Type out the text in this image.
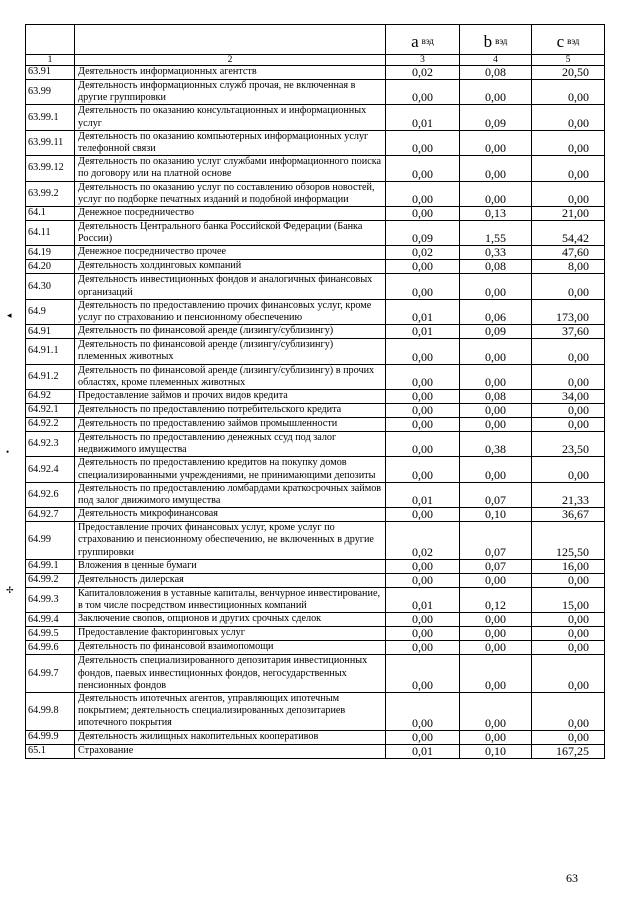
		a $_{вэд}$	b $_{вэд}$	c $_{вэд}$
1	2	3	4	5
63.91	Деятельность информационных агентств	0,02	0,08	20,50
63.99	Деятельность информационных служб прочая, не включенная в другие группировки	0,00	0,00	0,00
63.99.1	Деятельность по оказанию консультационных и информационных услуг	0,01	0,09	0,00
63.99.11	Деятельность по оказанию компьютерных информационных услуг телефонной связи	0,00	0,00	0,00
63.99.12	Деятельность по оказанию услуг службами информационного поиска по договору или на платной основе	0,00	0,00	0,00
63.99.2	Деятельность по оказанию услуг по составлению обзоров новостей, услуг по подборке печатных изданий и подобной информации	0,00	0,00	0,00
64.1	Денежное посредничество	0,00	0,13	21,00
64.11	Деятельность Центрального банка Российской Федерации (Банка России)	0,09	1,55	54,42
64.19	Денежное посредничество прочее	0,02	0,33	47,60
64.20	Деятельность холдинговых компаний	0,00	0,08	8,00
64.30	Деятельность инвестиционных фондов и аналогичных финансовых организаций	0,00	0,00	0,00
64.9	Деятельность по предоставлению прочих финансовых услуг, кроме услуг по страхованию и пенсионному обеспечению	0,01	0,06	173,00
64.91	Деятельность по финансовой аренде (лизингу/сублизингу)	0,01	0,09	37,60
64.91.1	Деятельность по финансовой аренде (лизингу/сублизингу) племенных животных	0,00	0,00	0,00
64.91.2	Деятельность по финансовой аренде (лизингу/сублизингу) в прочих областях, кроме племенных животных	0,00	0,00	0,00
64.92	Предоставление займов и прочих видов кредита	0,00	0,08	34,00
64.92.1	Деятельность по предоставлению потребительского кредита	0,00	0,00	0,00
64.92.2	Деятельность по предоставлению займов промышленности	0,00	0,00	0,00
64.92.3	Деятельность по предоставлению денежных ссуд под залог недвижимого имущества	0,00	0,38	23,50
64.92.4	Деятельность по предоставлению кредитов на покупку домов специализированными учреждениями, не принимающими депозиты	0,00	0,00	0,00
64.92.6	Деятельность по предоставлению ломбардами краткосрочных займов под залог движимого имущества	0,01	0,07	21,33
64.92.7	Деятельность микрофинансовая	0,00	0,10	36,67
64.99	Предоставление прочих финансовых услуг, кроме услуг по страхованию и пенсионному обеспечению, не включенных в другие группировки	0,02	0,07	125,50
64.99.1	Вложения в ценные бумаги	0,00	0,07	16,00
64.99.2	Деятельность дилерская	0,00	0,00	0,00
64.99.3	Капиталовложения в уставные капиталы, венчурное инвестирование, в том числе посредством инвестиционных компаний	0,01	0,12	15,00
64.99.4	Заключение свопов, опционов и других срочных сделок	0,00	0,00	0,00
64.99.5	Предоставление факторинговых услуг	0,00	0,00	0,00
64.99.6	Деятельность по финансовой взаимопомощи	0,00	0,00	0,00
64.99.7	Деятельность специализированного депозитария инвестиционных фондов, паевых инвестиционных фондов, негосударственных пенсионных фондов	0,00	0,00	0,00
64.99.8	Деятельность ипотечных агентов, управляющих ипотечным покрытием; деятельность специализированных депозитариев ипотечного покрытия	0,00	0,00	0,00
64.99.9	Деятельность жилищных накопительных кооперативов	0,00	0,00	0,00
65.1	Страхование	0,01	0,10	167,25
◂
•
✢
63
